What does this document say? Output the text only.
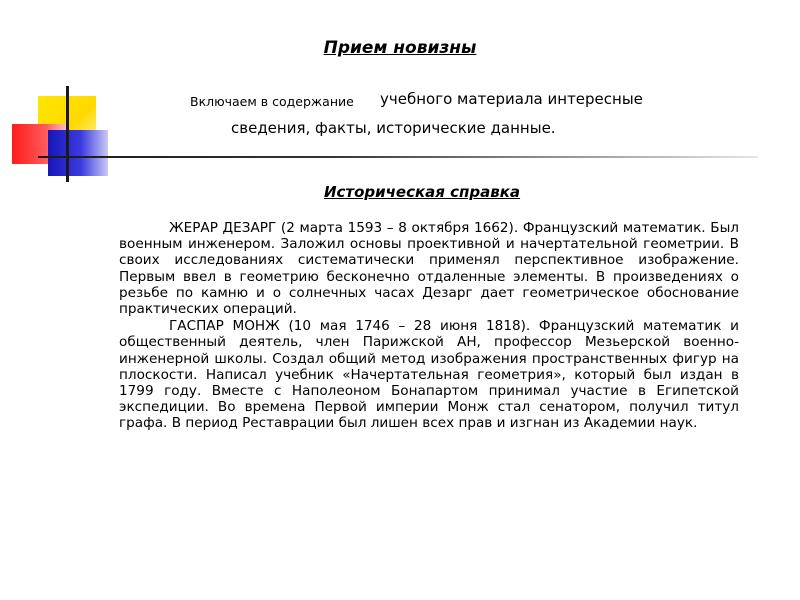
Прием новизны
Включаем в содержание учебного материала интересные
сведения, факты, исторические данные.
Историческая справка

ЖЕРАР ДЕЗАРГ (2 марта 1593 – 8 октября 1662). Французский математик. Был военным инженером. Заложил основы проективной и начертательной геометрии. В своих исследованиях систематически применял перспективное изображение. Первым ввел в геометрию бесконечно отдаленные элементы. В произведениях о резьбе по камню и о солнечных часах Дезарг дает геометрическое обоснование практических операций.

ГАСПАР МОНЖ (10 мая 1746 – 28 июня 1818). Французский математик и общественный деятель, член Парижской АН, профессор Мезьерской военно-инженерной школы. Создал общий метод изображения пространственных фигур на плоскости. Написал учебник «Начертательная геометрия», который был издан в 1799 году. Вместе с Наполеоном Бонапартом принимал участие в Египетской экспедиции. Во времена Первой империи Монж стал сенатором, получил титул графа. В период Реставрации был лишен всех прав и изгнан из Академии наук.
